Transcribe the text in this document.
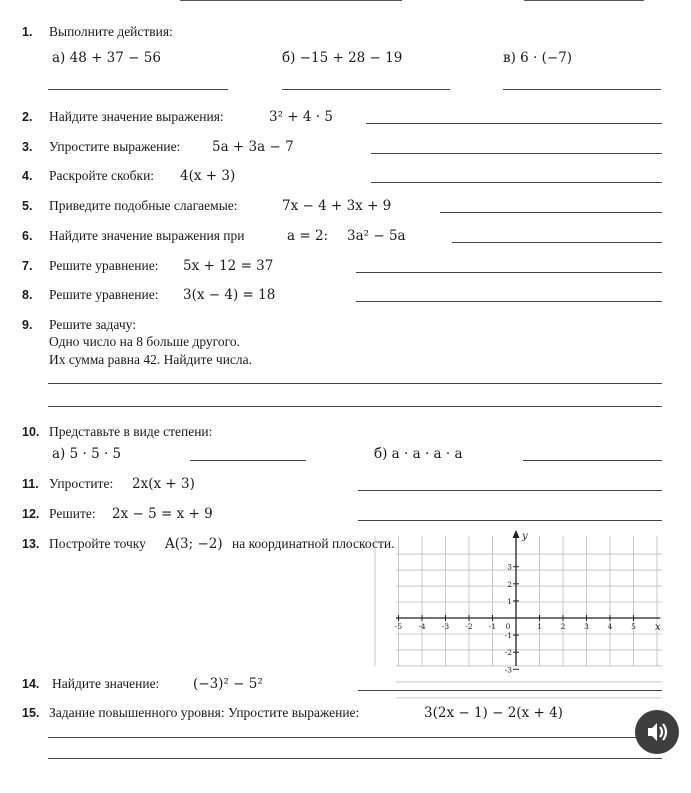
1. Выполните действия:
а) 48 + 37 − 56	б) −15 + 28 − 19	в) 6 · (−7)
2. Найдите значение выражения:	3² + 4 · 5
3. Упростите выражение: 5a + 3a − 7
4. Раскройте скобки: 4(x + 3)
5. Приведите подобные слагаемые:	7x − 4 + 3x + 9
6. Найдите значение выражения при	a = 2: 3a² − 5a
7. Решите уравнение: 5x + 12 = 37
8. Решите уравнение: 3(x − 4) = 18
9. Решите задачу:
Одно число на 8 больше другого.
Их сумма равна 42. Найдите числа.
10. Представьте в виде степени:
а) 5 · 5 · 5	б) a · a · a · a
11. Упростите: 2x(x + 3)
12. Решите: 2x − 5 = x + 9
13. Постройте точку A(3; −2) на координатной плоскости.
-5 -4 -3 -2 -1 0	1 2 3 4 5
3
2
1
-1
-2
-3
x
y
14. Найдите значение: (−3)² − 5²
15. Задание повышенного уровня: Упростите выражение:	3(2x − 1) − 2(x + 4)
